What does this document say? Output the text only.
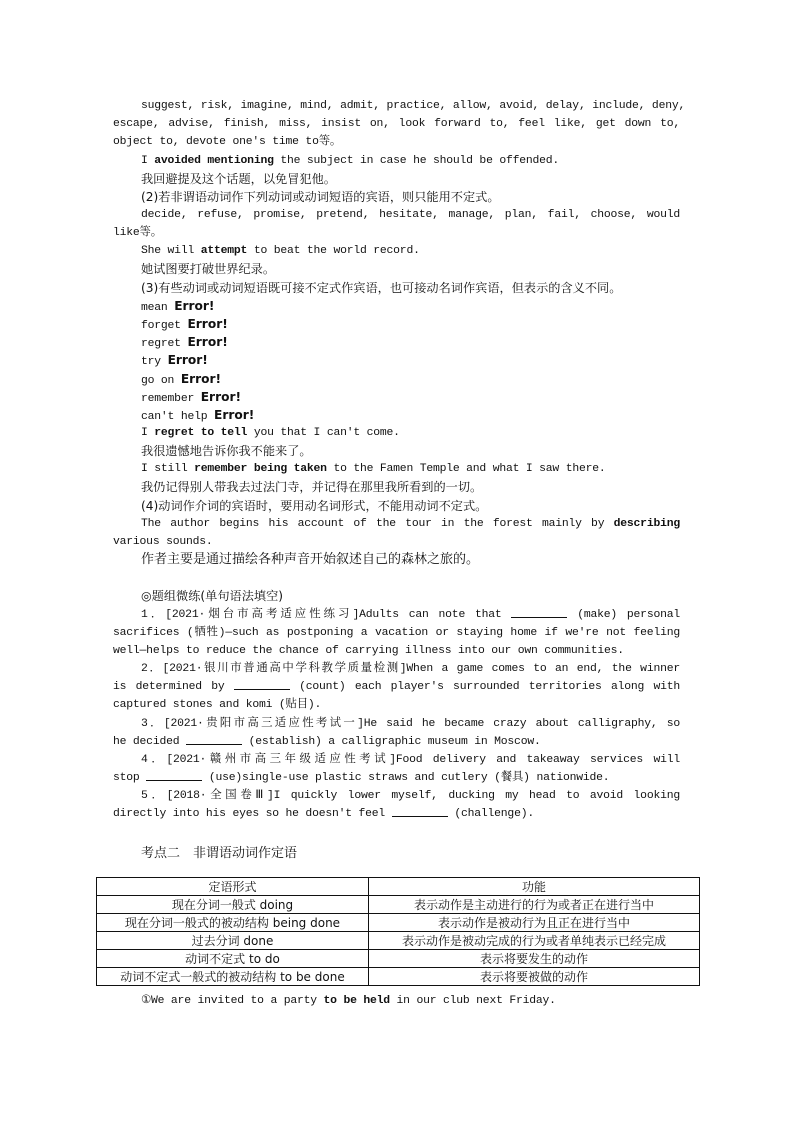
suggest, risk, imagine, mind, admit, practice, allow, avoid, delay, include, deny,
escape, advise, finish, miss, insist on, look forward to, feel like, get down to,
object to, devote one's time to等。
I avoided mentioning the subject in case he should be offended.
我回避提及这个话题，以免冒犯他。
(2)若非谓语动词作下列动词或动词短语的宾语，则只能用不定式。
decide, refuse, promise, pretend, hesitate, manage, plan, fail, choose, would
like等。
She will attempt to beat the world record.
她试图要打破世界纪录。
(3)有些动词或动词短语既可接不定式作宾语，也可接动名词作宾语，但表示的含义不同。
mean Error!
forget Error!
regret Error!
try Error!
go on Error!
remember Error!
can't help Error!
I regret to tell you that I can't come.
我很遗憾地告诉你我不能来了。
I still remember being taken to the Famen Temple and what I saw there.
我仍记得别人带我去过法门寺，并记得在那里我所看到的一切。
(4)动词作介词的宾语时，要用动名词形式，不能用动词不定式。
The author begins his account of the tour in the forest mainly by describing
various sounds.
作者主要是通过描绘各种声音开始叙述自己的森林之旅的。
◎题组微练(单句语法填空)
1．[2021·烟台市高考适应性练习]Adults can note that	(make) personal
sacrifices (牺牲)—such as postponing a vacation or staying home if we're not feeling
well—helps to reduce the chance of carrying illness into our own communities.
2．[2021·银川市普通高中学科教学质量检测]When a game comes to an end, the winner
is determined by	(count) each player's surrounded territories along with
captured stones and komi (贴目).
3．[2021·贵阳市高三适应性考试一]He said he became crazy about calligraphy, so
he decided	(establish) a calligraphic museum in Moscow.
4．[2021·赣州市高三年级适应性考试]Food delivery and takeaway services will
stop	(use)single-use plastic straws and cutlery (餐具) nationwide.
5．[2018·全国卷Ⅲ]I quickly lower myself, ducking my head to avoid looking
directly into his eyes so he doesn't feel	(challenge).
考点二　非谓语动词作定语
定语形式	功能
现在分词一般式 doing	表示动作是主动进行的行为或者正在进行当中
现在分词一般式的被动结构 being done	表示动作是被动行为且正在进行当中
过去分词 done	表示动作是被动完成的行为或者单纯表示已经完成
动词不定式 to do	表示将要发生的动作
动词不定式一般式的被动结构 to be done	表示将要被做的动作
①We are invited to a party to be held in our club next Friday.
